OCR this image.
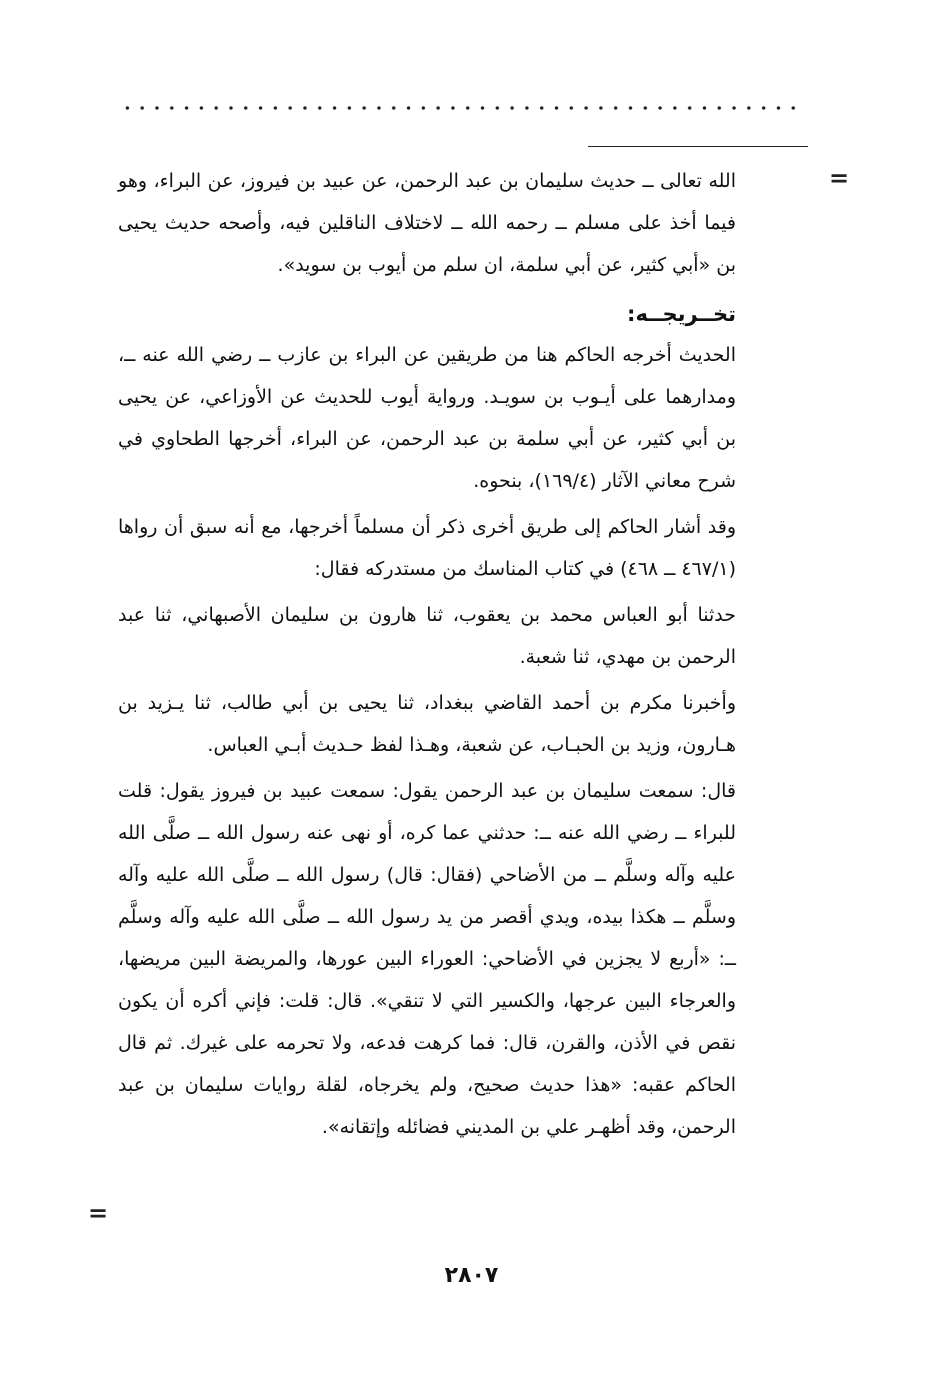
=
=

الله تعالى ــ حديث سليمان بن عبد الرحمن، عن عبيد بن فيروز، عن البراء، وهو فيما أخذ على مسلم ــ رحمه الله ــ لاختلاف الناقلين فيه، وأصحه حديث يحيى بن «أبي كثير، عن أبي سلمة، ان سلم من أيوب بن سويد».

تخــريجــه:

الحديث أخرجه الحاكم هنا من طريقين عن البراء بن عازب ــ رضي الله عنه ــ، ومدارهما على أيـوب بن سويـد. ورواية أيوب للحديث عن الأوزاعي، عن يحيى بن أبي كثير، عن أبي سلمة بن عبد الرحمن، عن البراء، أخرجها الطحاوي في شرح معاني الآثار (١٦٩/٤)، بنحوه.

وقد أشار الحاكم إلى طريق أخرى ذكر أن مسلماً أخرجها، مع أنه سبق أن رواها (٤٦٧/١ ــ ٤٦٨) في كتاب المناسك من مستدركه فقال:

حدثنا أبو العباس محمد بن يعقوب، ثنا هارون بن سليمان الأصبهاني، ثنا عبد الرحمن بن مهدي، ثنا شعبة.

وأخبرنا مكرم بن أحمد القاضي ببغداد، ثنا يحيى بن أبي طالب، ثنا يـزيد بن هـارون، وزيد بن الحبـاب، عن شعبة، وهـذا لفظ حـديث أبـي العباس.

قال: سمعت سليمان بن عبد الرحمن يقول: سمعت عبيد بن فيروز يقول: قلت للبراء ــ رضي الله عنه ــ: حدثني عما كره، أو نهى عنه رسول الله ــ صلَّى الله عليه وآله وسلَّم ــ من الأضاحي (فقال: قال) رسول الله ــ صلَّى الله عليه وآله وسلَّم ــ هكذا بيده، ويدي أقصر من يد رسول الله ــ صلَّى الله عليه وآله وسلَّم ــ: «أربع لا يجزين في الأضاحي: العوراء البين عورها، والمريضة البين مريضها، والعرجاء البين عرجها، والكسير التي لا تنقي». قال: قلت: فإني أكره أن يكون نقص في الأذن، والقرن، قال: فما كرهت فدعه، ولا تحرمه على غيرك. ثم قال الحاكم عقبه: «هذا حديث صحيح، ولم يخرجاه، لقلة روايات سليمان بن عبد الرحمن، وقد أظهـر علي بن المديني فضائله وإتقانه».

٢٨٠٧
